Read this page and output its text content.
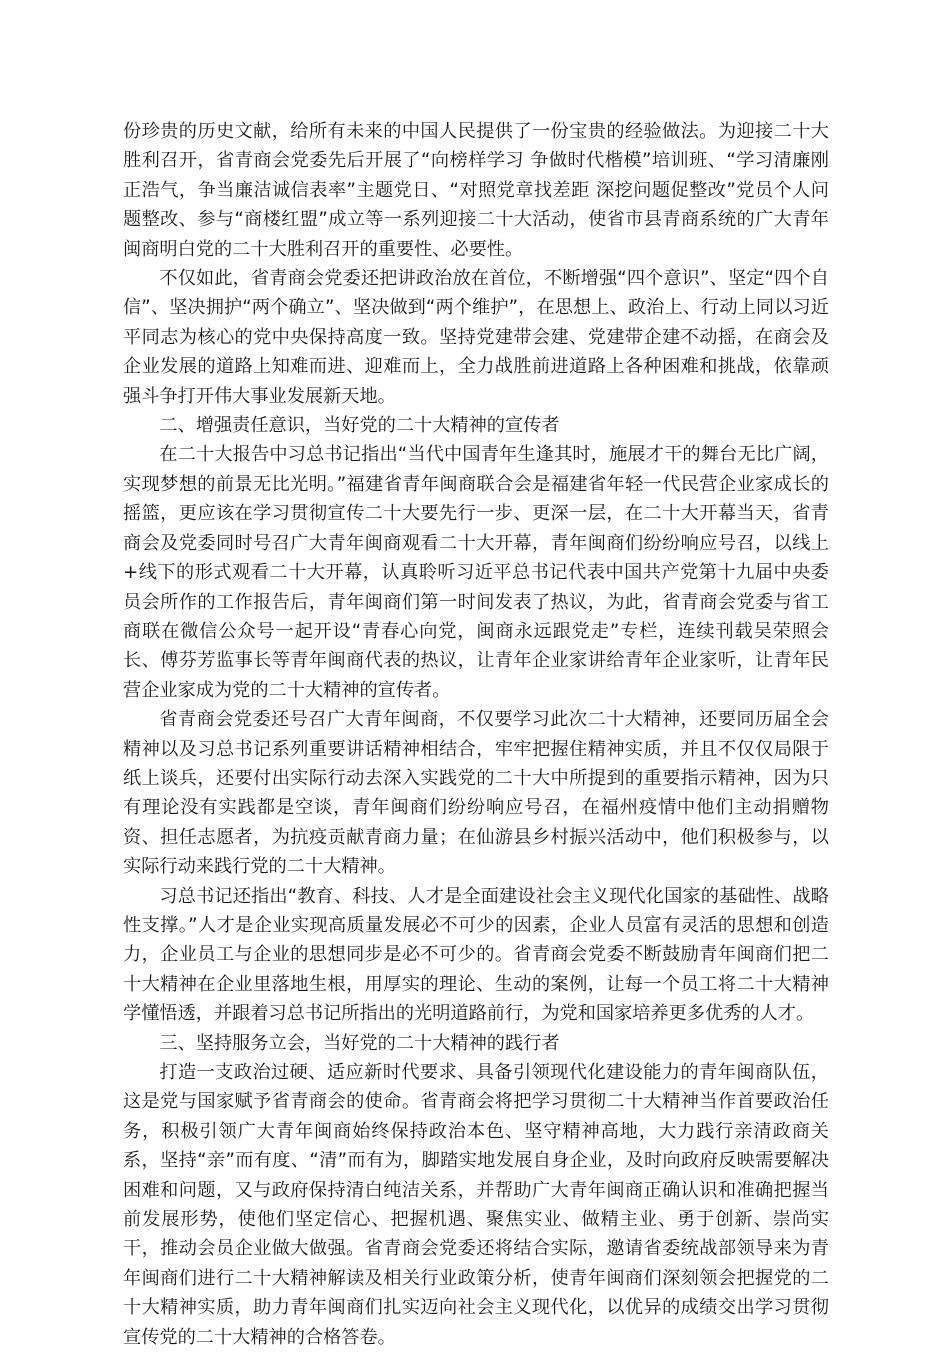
份珍贵的历史文献，给所有未来的中国人民提供了一份宝贵的经验做法。为迎接二十大胜利召开，省青商会党委先后开展了“向榜样学习 争做时代楷模”培训班、“学习清廉刚正浩气，争当廉洁诚信表率”主题党日、“对照党章找差距 深挖问题促整改”党员个人问题整改、参与“商楼红盟”成立等一系列迎接二十大活动，使省市县青商系统的广大青年闽商明白党的二十大胜利召开的重要性、必要性。

不仅如此，省青商会党委还把讲政治放在首位，不断增强“四个意识”、坚定“四个自信”、坚决拥护“两个确立”、坚决做到“两个维护”，在思想上、政治上、行动上同以习近平同志为核心的党中央保持高度一致。坚持党建带会建、党建带企建不动摇，在商会及企业发展的道路上知难而进、迎难而上，全力战胜前进道路上各种困难和挑战，依靠顽强斗争打开伟大事业发展新天地。

二、增强责任意识，当好党的二十大精神的宣传者

在二十大报告中习总书记指出“当代中国青年生逢其时，施展才干的舞台无比广阔，实现梦想的前景无比光明。”福建省青年闽商联合会是福建省年轻一代民营企业家成长的摇篮，更应该在学习贯彻宣传二十大要先行一步、更深一层，在二十大开幕当天，省青商会及党委同时号召广大青年闽商观看二十大开幕，青年闽商们纷纷响应号召，以线上+线下的形式观看二十大开幕，认真聆听习近平总书记代表中国共产党第十九届中央委员会所作的工作报告后，青年闽商们第一时间发表了热议，为此，省青商会党委与省工商联在微信公众号一起开设“青春心向党，闽商永远跟党走”专栏，连续刊载吴荣照会长、傅芬芳监事长等青年闽商代表的热议，让青年企业家讲给青年企业家听，让青年民营企业家成为党的二十大精神的宣传者。

省青商会党委还号召广大青年闽商，不仅要学习此次二十大精神，还要同历届全会精神以及习总书记系列重要讲话精神相结合，牢牢把握住精神实质，并且不仅仅局限于纸上谈兵，还要付出实际行动去深入实践党的二十大中所提到的重要指示精神，因为只有理论没有实践都是空谈，青年闽商们纷纷响应号召，在福州疫情中他们主动捐赠物资、担任志愿者，为抗疫贡献青商力量；在仙游县乡村振兴活动中，他们积极参与，以实际行动来践行党的二十大精神。

习总书记还指出“教育、科技、人才是全面建设社会主义现代化国家的基础性、战略性支撑。”人才是企业实现高质量发展必不可少的因素，企业人员富有灵活的思想和创造力，企业员工与企业的思想同步是必不可少的。省青商会党委不断鼓励青年闽商们把二十大精神在企业里落地生根，用厚实的理论、生动的案例，让每一个员工将二十大精神学懂悟透，并跟着习总书记所指出的光明道路前行，为党和国家培养更多优秀的人才。

三、坚持服务立会，当好党的二十大精神的践行者

打造一支政治过硬、适应新时代要求、具备引领现代化建设能力的青年闽商队伍，这是党与国家赋予省青商会的使命。省青商会将把学习贯彻二十大精神当作首要政治任务，积极引领广大青年闽商始终保持政治本色、坚守精神高地，大力践行亲清政商关系，坚持“亲”而有度、“清”而有为，脚踏实地发展自身企业，及时向政府反映需要解决困难和问题，又与政府保持清白纯洁关系，并帮助广大青年闽商正确认识和准确把握当前发展形势，使他们坚定信心、把握机遇、聚焦实业、做精主业、勇于创新、崇尚实干，推动会员企业做大做强。省青商会党委还将结合实际，邀请省委统战部领导来为青年闽商们进行二十大精神解读及相关行业政策分析，使青年闽商们深刻领会把握党的二十大精神实质，助力青年闽商们扎实迈向社会主义现代化，以优异的成绩交出学习贯彻宣传党的二十大精神的合格答卷。
